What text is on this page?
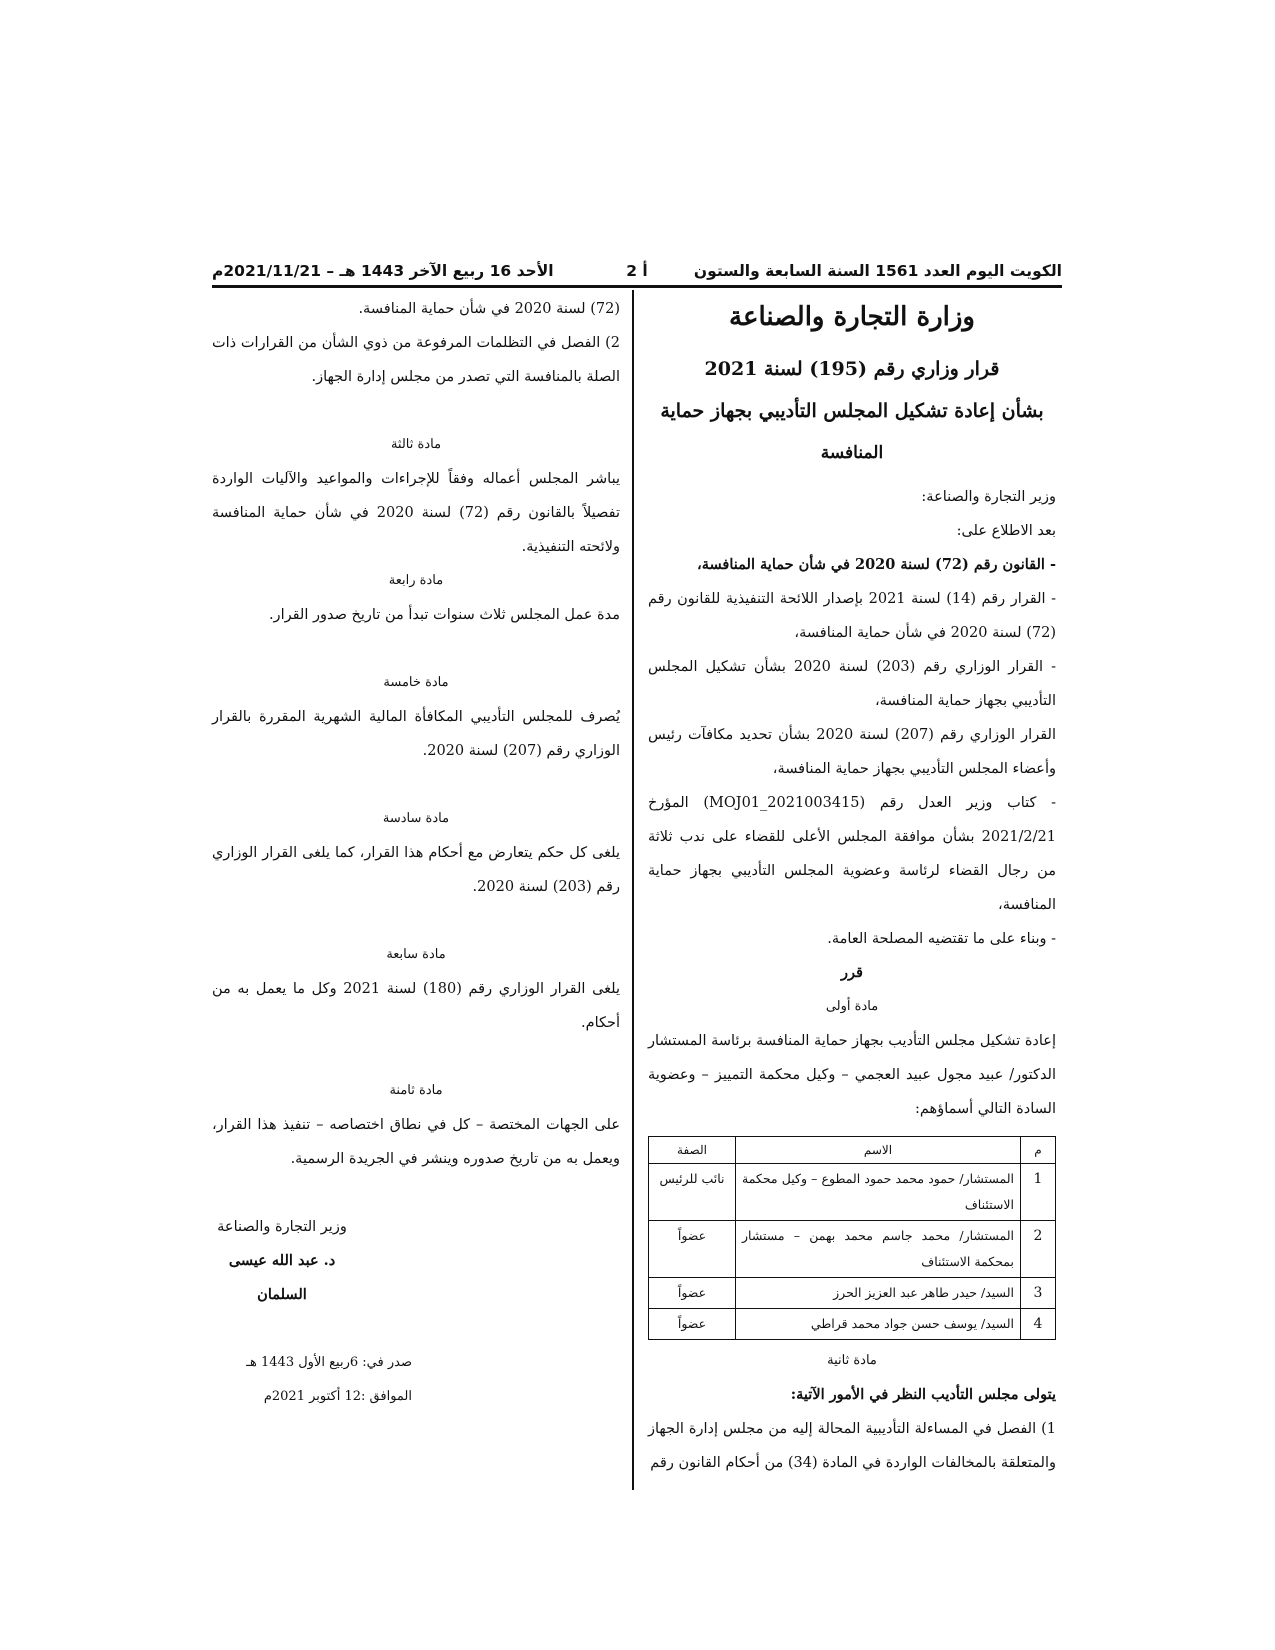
الكويت اليوم العدد 1561 السنة السابعة والستون
أ 2
الأحد 16 ربيع الآخر 1443 هـ – 2021/11/21م

وزارة التجارة والصناعة

قرار وزاري رقم (195) لسنة 2021

بشأن إعادة تشكيل المجلس التأديبي بجهاز حماية

المنافسة

وزير التجارة والصناعة:

بعد الاطلاع على:

- القانون رقم (72) لسنة 2020 في شأن حماية المنافسة،

- القرار رقم (14) لسنة 2021 بإصدار اللائحة التنفيذية للقانون رقم (72) لسنة 2020 في شأن حماية المنافسة،

- القرار الوزاري رقم (203) لسنة 2020 بشأن تشكيل المجلس التأديبي بجهاز حماية المنافسة،

القرار الوزاري رقم (207) لسنة 2020 بشأن تحديد مكافآت رئيس وأعضاء المجلس التأديبي بجهاز حماية المنافسة،

- كتاب وزير العدل رقم (MOJ01_2021003415) المؤرخ 2021/2/21 بشأن موافقة المجلس الأعلى للقضاء على ندب ثلاثة من رجال القضاء لرئاسة وعضوية المجلس التأديبي بجهاز حماية المنافسة،

- وبناء على ما تقتضيه المصلحة العامة.

قرر

مادة أولى

إعادة تشكيل مجلس التأديب بجهاز حماية المنافسة برئاسة المستشار الدكتور/ عبيد مجول عبيد العجمي – وكيل محكمة التمييز – وعضوية السادة التالي أسماؤهم:

م	الاسم	الصفة
1	المستشار/ حمود محمد حمود المطوع – وكيل محكمة الاستئناف	نائب للرئيس
2	المستشار/ محمد جاسم محمد بهمن – مستشار بمحكمة الاستئناف	عضواً
3	السيد/ حيدر طاهر عبد العزيز الحرز	عضواً
4	السيد/ يوسف حسن جواد محمد قراطي	عضواً

مادة ثانية

يتولى مجلس التأديب النظر في الأمور الآتية:

1) الفصل في المساءلة التأديبية المحالة إليه من مجلس إدارة الجهاز والمتعلقة بالمخالفات الواردة في المادة (34) من أحكام القانون رقم

(72) لسنة 2020 في شأن حماية المنافسة.

2) الفصل في التظلمات المرفوعة من ذوي الشأن من القرارات ذات الصلة بالمنافسة التي تصدر من مجلس إدارة الجهاز.

مادة ثالثة

يباشر المجلس أعماله وفقاً للإجراءات والمواعيد والآليات الواردة تفصيلاً بالقانون رقم (72) لسنة 2020 في شأن حماية المنافسة ولائحته التنفيذية.

مادة رابعة

مدة عمل المجلس ثلاث سنوات تبدأ من تاريخ صدور القرار.

مادة خامسة

يُصرف للمجلس التأديبي المكافأة المالية الشهرية المقررة بالقرار الوزاري رقم (207) لسنة 2020.

مادة سادسة

يلغى كل حكم يتعارض مع أحكام هذا القرار، كما يلغى القرار الوزاري رقم (203) لسنة 2020.

مادة سابعة

يلغى القرار الوزاري رقم (180) لسنة 2021 وكل ما يعمل به من أحكام.

مادة ثامنة

على الجهات المختصة – كل في نطاق اختصاصه – تنفيذ هذا القرار، ويعمل به من تاريخ صدوره وينشر في الجريدة الرسمية.

وزير التجارة والصناعة

د. عبد الله عيسى السلمان

صدر في: 6ربيع الأول 1443 هـ

الموافق :12 أكتوبر 2021م
